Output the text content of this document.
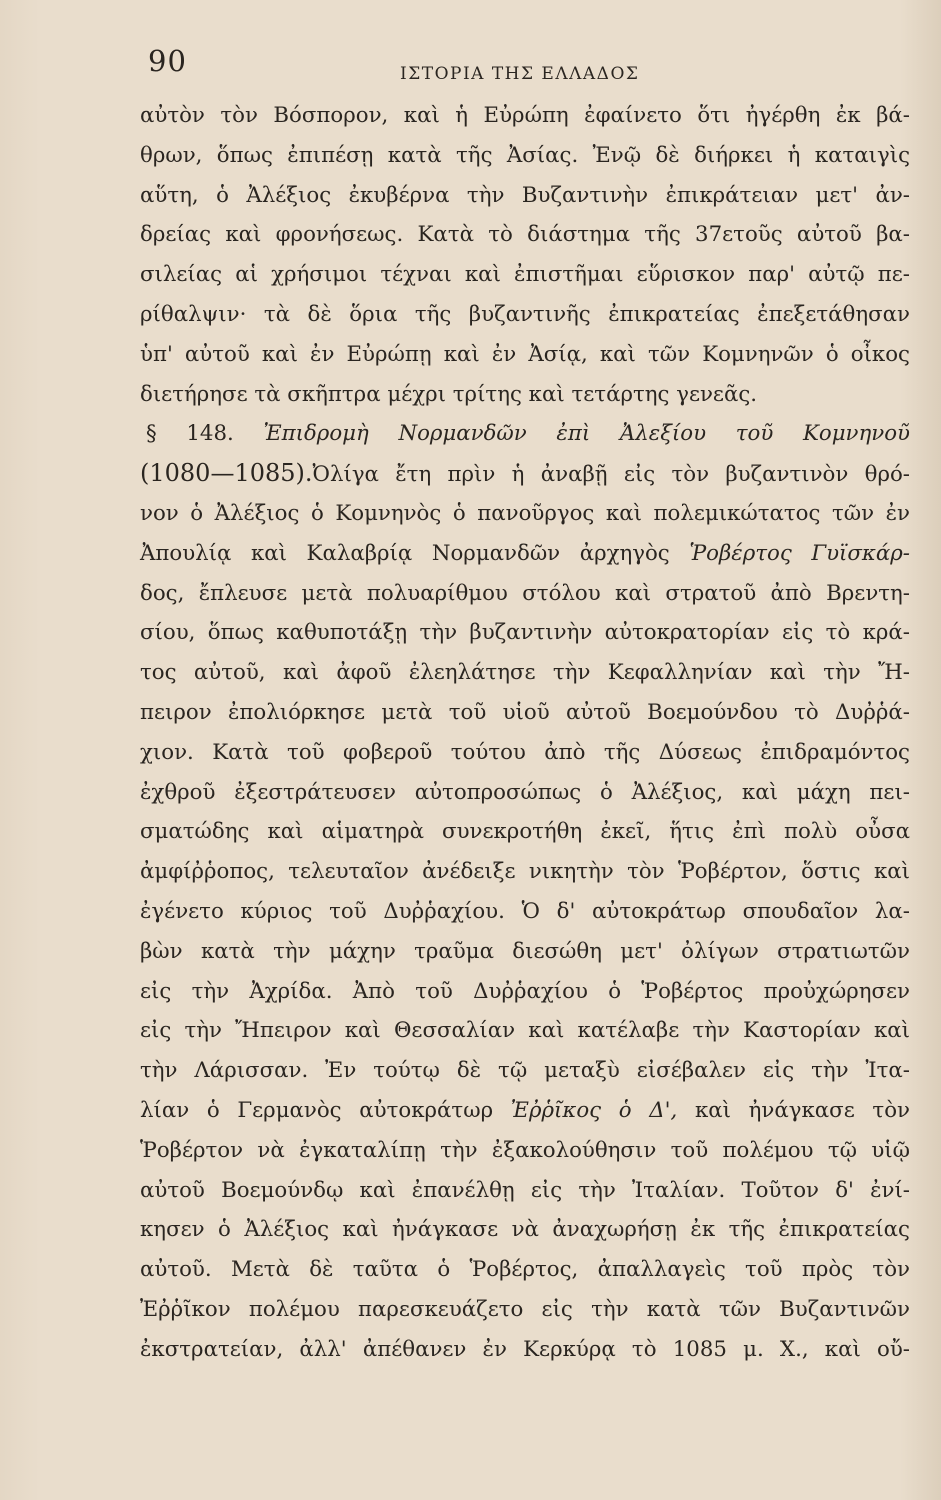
90	ΙΣΤΟΡΙΑ ΤΗΣ ΕΛΛΑΔΟΣ
αὐτὸν τὸν Βόσπορον, καὶ ἡ Εὐρώπη ἐφαίνετο ὅτι ἠγέρθη ἐκ βά-
θρων, ὅπως ἐπιπέσῃ κατὰ τῆς Ἀσίας. Ἐνῷ δὲ διήρκει ἡ καταιγὶς
αὕτη, ὁ Ἀλέξιος ἐκυβέρνα τὴν Βυζαντινὴν ἐπικράτειαν μετ' ἀν-
δρείας καὶ φρονήσεως. Κατὰ τὸ διάστημα τῆς 37ετοῦς αὐτοῦ βα-
σιλείας αἱ χρήσιμοι τέχναι καὶ ἐπιστῆμαι εὕρισκον παρ' αὐτῷ πε-
ρίθαλψιν· τὰ δὲ ὅρια τῆς βυζαντινῆς ἐπικρατείας ἐπεξετάθησαν
ὑπ' αὐτοῦ καὶ ἐν Εὐρώπῃ καὶ ἐν Ἀσίᾳ, καὶ τῶν Κομνηνῶν ὁ οἶκος
διετήρησε τὰ σκῆπτρα μέχρι τρίτης καὶ τετάρτης γενεᾶς.
§ 148. Ἐπιδρομὴ Νορμανδῶν ἐπὶ Ἀλεξίου τοῦ Κομνηνοῦ
(1080—1085).Ὀλίγα ἔτη πρὶν ἡ ἀναβῇ εἰς τὸν βυζαντινὸν θρό-
νον ὁ Ἀλέξιος ὁ Κομνηνὸς ὁ πανοῦργος καὶ πολεμικώτατος τῶν ἐν
Ἀπουλίᾳ καὶ Καλαβρίᾳ Νορμανδῶν ἀρχηγὸς Ῥοβέρτος Γυϊσκάρ-
δος, ἔπλευσε μετὰ πολυαρίθμου στόλου καὶ στρατοῦ ἀπὸ Βρεντη-
σίου, ὅπως καθυποτάξῃ τὴν βυζαντινὴν αὐτοκρατορίαν εἰς τὸ κρά-
τος αὐτοῦ, καὶ ἀφοῦ ἐλεηλάτησε τὴν Κεφαλληνίαν καὶ τὴν Ἤ-
πειρον ἐπολιόρκησε μετὰ τοῦ υἱοῦ αὐτοῦ Βοεμούνδου τὸ Δυῤῥά-
χιον. Κατὰ τοῦ φοβεροῦ τούτου ἀπὸ τῆς Δύσεως ἐπιδραμόντος
ἐχθροῦ ἐξεστράτευσεν αὐτοπροσώπως ὁ Ἀλέξιος, καὶ μάχη πει-
σματώδης καὶ αἱματηρὰ συνεκροτήθη ἐκεῖ, ἥτις ἐπὶ πολὺ οὖσα
ἀμφίῤῥοπος, τελευταῖον ἀνέδειξε νικητὴν τὸν Ῥοβέρτον, ὅστις καὶ
ἐγένετο κύριος τοῦ Δυῤῥαχίου. Ὁ δ' αὐτοκράτωρ σπουδαῖον λα-
βὼν κατὰ τὴν μάχην τραῦμα διεσώθη μετ' ὀλίγων στρατιωτῶν
εἰς τὴν Ἀχρίδα. Ἀπὸ τοῦ Δυῤῥαχίου ὁ Ῥοβέρτος προὐχώρησεν
εἰς τὴν Ἤπειρον καὶ Θεσσαλίαν καὶ κατέλαβε τὴν Καστορίαν καὶ
τὴν Λάρισσαν. Ἐν τούτῳ δὲ τῷ μεταξὺ εἰσέβαλεν εἰς τὴν Ἰτα-
λίαν ὁ Γερμανὸς αὐτοκράτωρ Ἐῤῥῖκος ὁ Δ', καὶ ἠνάγκασε τὸν
Ῥοβέρτον νὰ ἐγκαταλίπῃ τὴν ἐξακολούθησιν τοῦ πολέμου τῷ υἱῷ
αὐτοῦ Βοεμούνδῳ καὶ ἐπανέλθῃ εἰς τὴν Ἰταλίαν. Τοῦτον δ' ἐνί-
κησεν ὁ Ἀλέξιος καὶ ἠνάγκασε νὰ ἀναχωρήσῃ ἐκ τῆς ἐπικρατείας
αὐτοῦ. Μετὰ δὲ ταῦτα ὁ Ῥοβέρτος, ἀπαλλαγεὶς τοῦ πρὸς τὸν
Ἐῤῥῖκον πολέμου παρεσκευάζετο εἰς τὴν κατὰ τῶν Βυζαντινῶν
ἐκστρατείαν, ἀλλ' ἀπέθανεν ἐν Κερκύρᾳ τὸ 1085 μ. Χ., καὶ οὔ-
